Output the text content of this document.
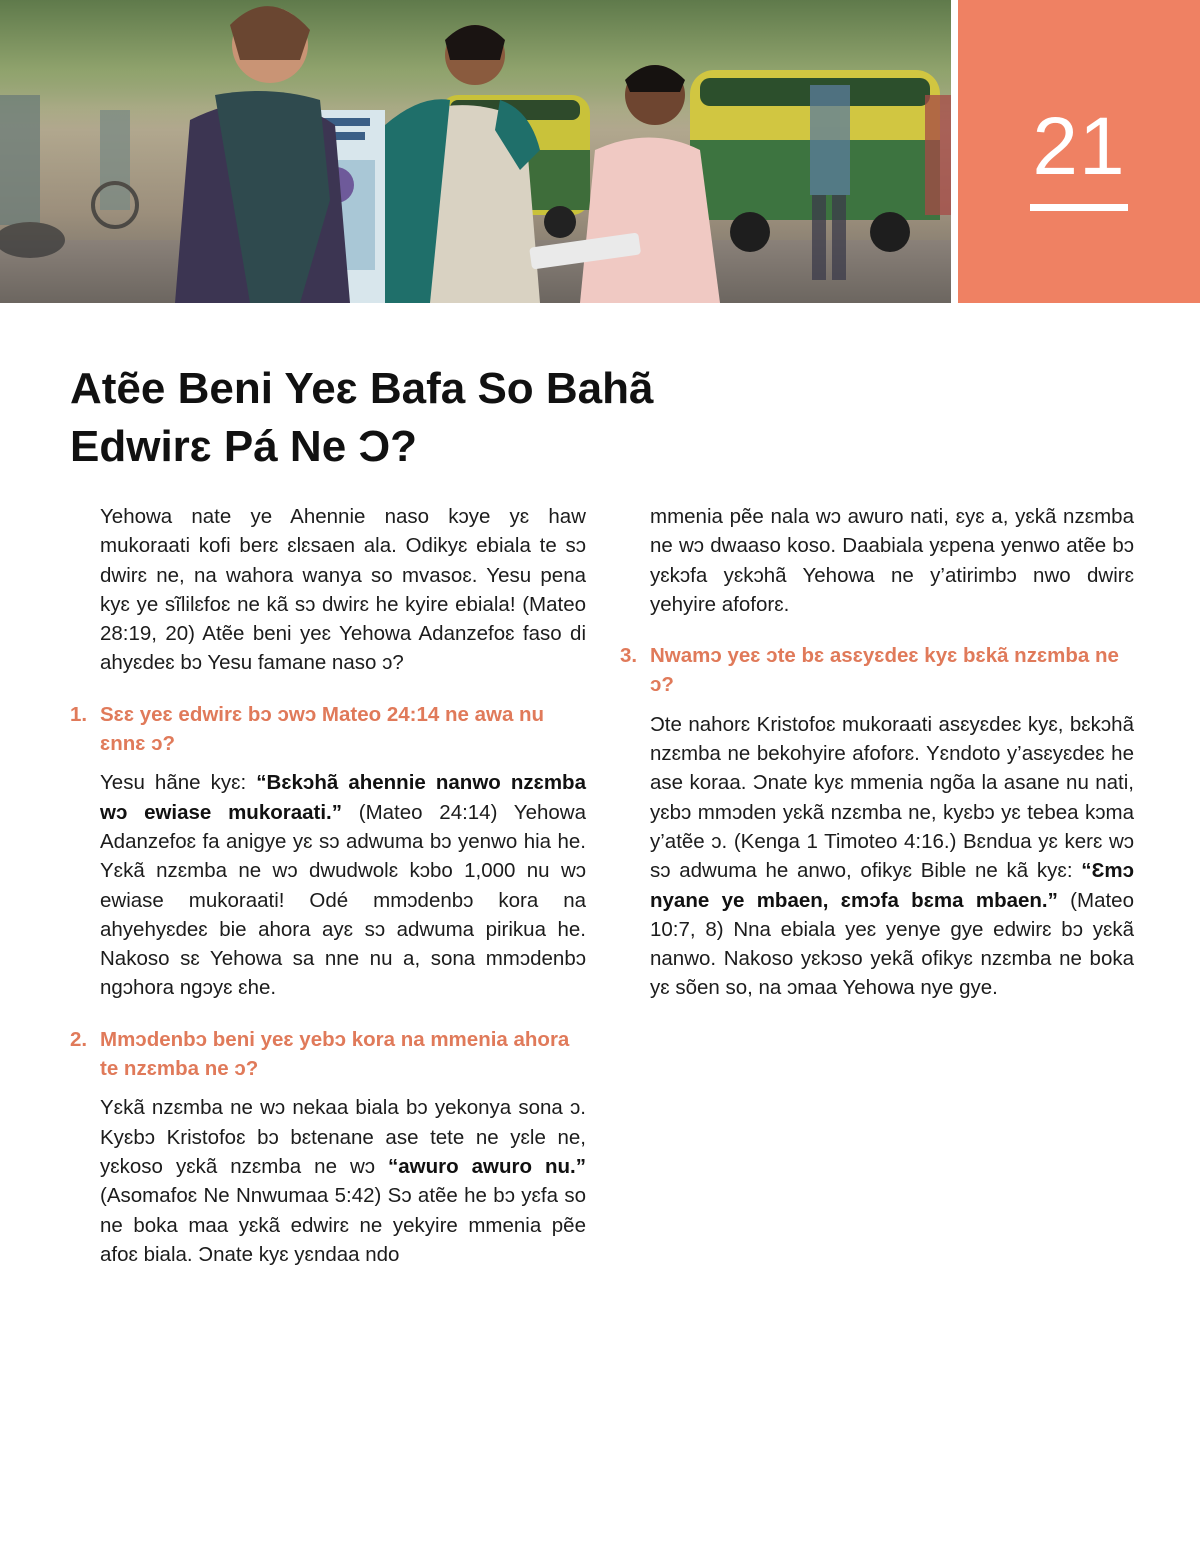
21
Atẽe Beni Yeɛ Bafa So Bahã
Edwirɛ Pá Ne Ɔ?

Yehowa nate ye Ahennie naso kɔye yɛ haw mukoraati kofi berɛ ɛlɛsaen ala. Odikyɛ ebiala te sɔ dwirɛ ne, na wahora wanya so mvasoɛ. Yesu pena kyɛ ye sĩlilɛfoɛ ne kã sɔ dwirɛ he kyire ebiala! (Mateo 28:19, 20) Atẽe beni yeɛ Yehowa Adanzefoɛ faso di ahyɛdeɛ bɔ Yesu famane naso ɔ?

1. Sɛɛ yeɛ edwirɛ bɔ ɔwɔ Mateo 24:14 ne awa nu ɛnnɛ ɔ?

Yesu hãne kyɛ: “Bɛkɔhã ahennie nanwo nzɛmba wɔ ewiase mukoraati.” (Mateo 24:14) Yehowa Adanzefoɛ fa anigye yɛ sɔ adwuma bɔ yenwo hia he. Yɛkã nzɛmba ne wɔ dwudwolɛ kɔbo 1,000 nu wɔ ewiase mukoraati! Odé mmɔdenbɔ kora na ahyehyɛdeɛ bie ahora ayɛ sɔ adwuma pirikua he. Nakoso sɛ Yehowa sa nne nu a, sona mmɔdenbɔ ngɔhora ngɔyɛ ɛhe.

2. Mmɔdenbɔ beni yeɛ yebɔ kora na mmenia ahora te nzɛmba ne ɔ?

Yɛkã nzɛmba ne wɔ nekaa biala bɔ yekonya sona ɔ. Kyɛbɔ Kristofoɛ bɔ bɛtenane ase tete ne yɛle ne, yɛkoso yɛkã nzɛmba ne wɔ “awuro awuro nu.” (Asomafoɛ Ne Nnwumaa 5:42) Sɔ atẽe he bɔ yɛfa so ne boka maa yɛkã edwirɛ ne yekyire mmenia pẽe afoɛ biala. Ɔnate kyɛ yɛndaa ndo

mmenia pẽe nala wɔ awuro nati, ɛyɛ a, yɛkã nzɛmba ne wɔ dwaaso koso. Daabiala yɛpena yenwo atẽe bɔ yɛkɔfa yɛkɔhã Yehowa ne y’atirimbɔ nwo dwirɛ yehyire afoforɛ.

3. Nwamɔ yeɛ ɔte bɛ asɛyɛdeɛ kyɛ bɛkã nzɛmba ne ɔ?

Ɔte nahorɛ Kristofoɛ mukoraati asɛyɛdeɛ kyɛ, bɛkɔhã nzɛmba ne bekohyire afoforɛ. Yɛndoto y’asɛyɛdeɛ he ase koraa. Ɔnate kyɛ mmenia ngõa la asane nu nati, yɛbɔ mmɔden yɛkã nzɛmba ne, kyɛbɔ yɛ tebea kɔma y’atẽe ɔ. (Kenga 1 Timoteo 4:16.) Bɛndua yɛ kerɛ wɔ sɔ adwuma he anwo, ofikyɛ Bible ne kã kyɛ: “Ɛmɔ nyane ye mbaen, ɛmɔfa bɛma mbaen.” (Mateo 10:7, 8) Nna ebiala yeɛ yenye gye edwirɛ bɔ yɛkã nanwo. Nakoso yɛkɔso yekã ofikyɛ nzɛmba ne boka yɛ sõen so, na ɔmaa Yehowa nye gye.
